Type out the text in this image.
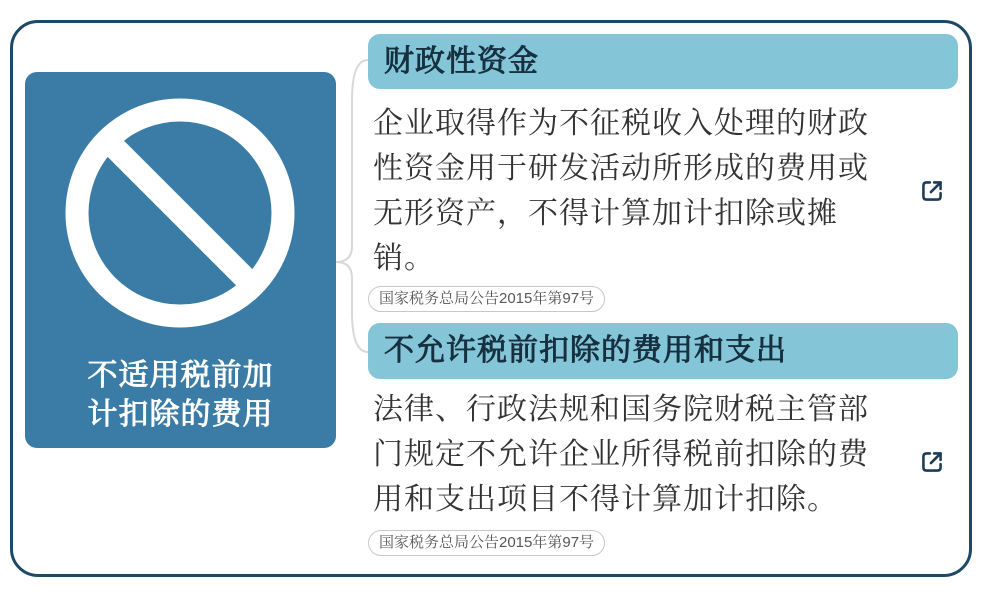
不适用税前加
计扣除的费用
财政性资金
企业取得作为不征税收入处理的财政性资金用于研发活动所形成的费用或无形资产，不得计算加计扣除或摊销。
国家税务总局公告2015年第97号
不允许税前扣除的费用和支出
法律、行政法规和国务院财税主管部门规定不允许企业所得税前扣除的费用和支出项目不得计算加计扣除。
国家税务总局公告2015年第97号
